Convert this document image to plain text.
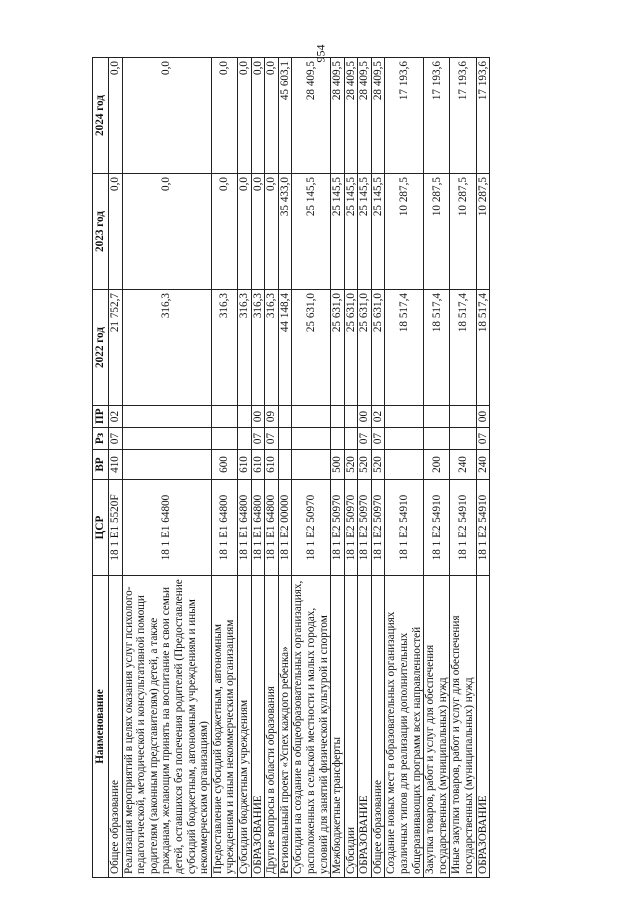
954
Наименование	ЦСР	ВР	Рз	ПР	2022 год	2023 год	2024 год
Общее образование	18 1 E1 5520F	410	07	02	21 752,7	0,0	0,0
Реализация мероприятий в целях оказания услуг психолого-педагогической, методической и консультативной помощи родителям (законным представителям) детей, а также гражданам, желающим принять на воспитание в свои семьи детей, оставшихся без попечения родителей (Предоставление субсидий бюджетным, автономным учреждениям и иным некоммерческим организациям)	18 1 E1 64800				316,3	0,0	0,0
Предоставление субсидий бюджетным, автономным учреждениям и иным некоммерческим организациям	18 1 E1 64800	600			316,3	0,0	0,0
Субсидии бюджетным учреждениям	18 1 E1 64800	610			316,3	0,0	0,0
ОБРАЗОВАНИЕ	18 1 E1 64800	610	07	00	316,3	0,0	0,0
Другие вопросы в области образования	18 1 E1 64800	610	07	09	316,3	0,0	0,0
Региональный проект «Успех каждого ребенка»	18 1 E2 00000				44 148,4	35 433,0	45 603,1
Субсидии на создание в общеобразовательных организациях, расположенных в сельской местности и малых городах, условий для занятий физической культурой и спортом	18 1 E2 50970				25 631,0	25 145,5	28 409,5
Межбюджетные трансферты	18 1 E2 50970	500			25 631,0	25 145,5	28 409,5
Субсидии	18 1 E2 50970	520			25 631,0	25 145,5	28 409,5
ОБРАЗОВАНИЕ	18 1 E2 50970	520	07	00	25 631,0	25 145,5	28 409,5
Общее образование	18 1 E2 50970	520	07	02	25 631,0	25 145,5	28 409,5
Создание новых мест в образовательных организациях различных типов для реализации дополнительных общеразвивающих программ всех направленностей	18 1 E2 54910				18 517,4	10 287,5	17 193,6
Закупка товаров, работ и услуг для обеспечения государственных (муниципальных) нужд	18 1 E2 54910	200			18 517,4	10 287,5	17 193,6
Иные закупки товаров, работ и услуг для обеспечения государственных (муниципальных) нужд	18 1 E2 54910	240			18 517,4	10 287,5	17 193,6
ОБРАЗОВАНИЕ	18 1 E2 54910	240	07	00	18 517,4	10 287,5	17 193,6
